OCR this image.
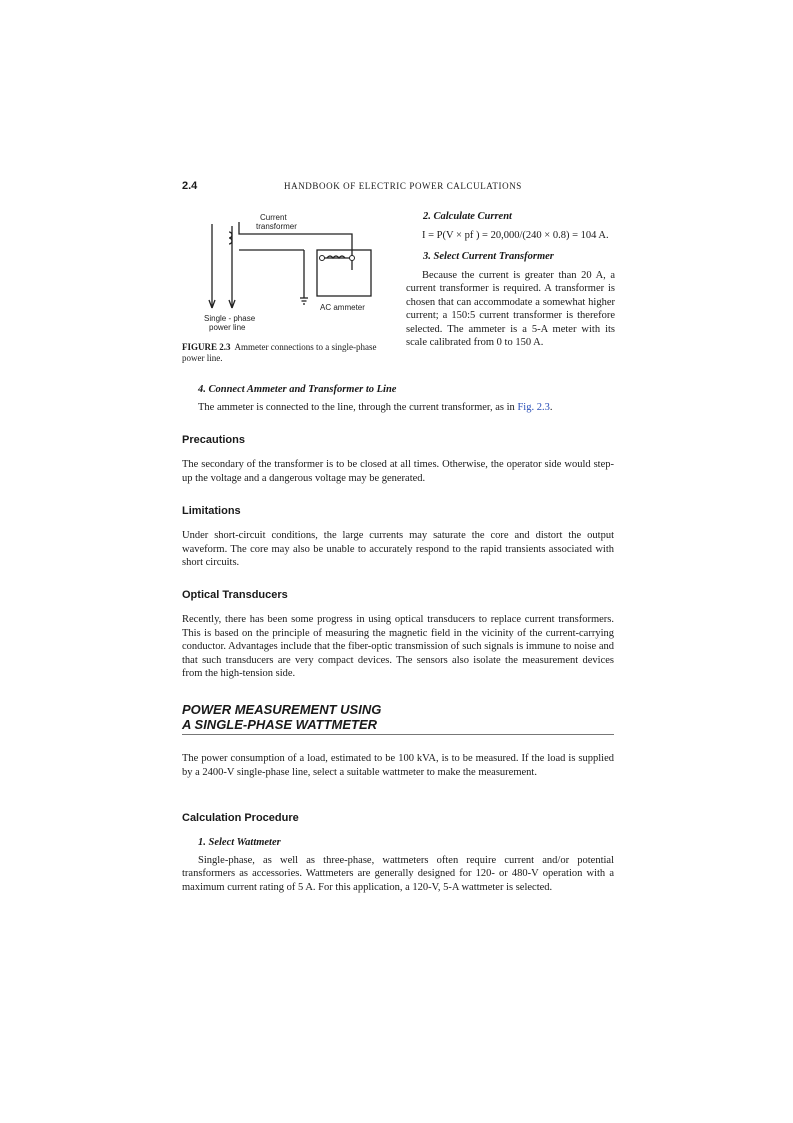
2.4	HANDBOOK OF ELECTRIC POWER CALCULATIONS
Current
transformer
AC ammeter
Single - phase
power line
FIGURE 2.3 Ammeter connections to a single-phase power line.
2. Calculate Current

I = P(V × pf ) = 20,000/(240 × 0.8) = 104 A.

3. Select Current Transformer

Because the current is greater than 20 A, a current transformer is required. A transformer is chosen that can accommodate a somewhat higher current; a 150:5 current transformer is therefore selected. The ammeter is a 5-A meter with its scale calibrated from 0 to 150 A.

4. Connect Ammeter and Transformer to Line

The ammeter is connected to the line, through the current transformer, as in Fig. 2.3.

Precautions
The secondary of the transformer is to be closed at all times. Otherwise, the operator side would step-up the voltage and a dangerous voltage may be generated.
Limitations
Under short-circuit conditions, the large currents may saturate the core and distort the output waveform. The core may also be unable to accurately respond to the rapid transients associated with short circuits.
Optical Transducers
Recently, there has been some progress in using optical transducers to replace current transformers. This is based on the principle of measuring the magnetic field in the vicinity of the current-carrying conductor. Advantages include that the fiber-optic transmission of such signals is immune to noise and that such transducers are very compact devices. The sensors also isolate the measurement devices from the high-tension side.
POWER MEASUREMENT USING
A SINGLE-PHASE WATTMETER
The power consumption of a load, estimated to be 100 kVA, is to be measured. If the load is supplied by a 2400-V single-phase line, select a suitable wattmeter to make the measurement.
Calculation Procedure

1. Select Wattmeter

Single-phase, as well as three-phase, wattmeters often require current and/or potential transformers as accessories. Wattmeters are generally designed for 120- or 480-V operation with a maximum current rating of 5 A. For this application, a 120-V, 5-A wattmeter is selected.
